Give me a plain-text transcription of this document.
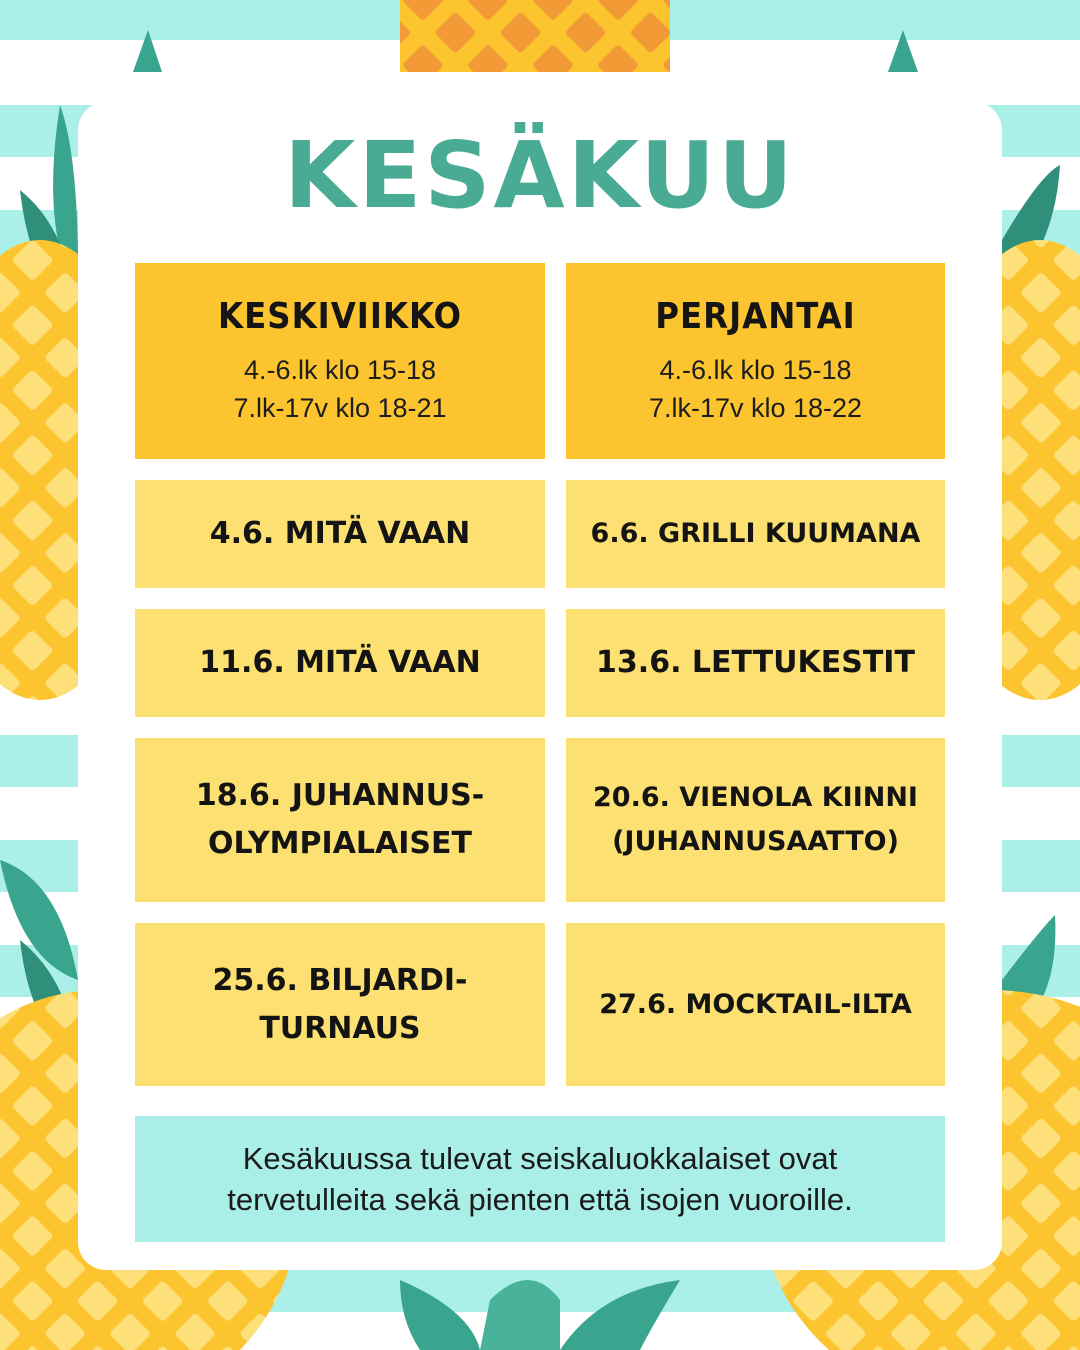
KESÄKUU
KESKIVIIKKO
4.-6.lk klo 15-18
7.lk-17v klo 18-21
PERJANTAI
4.-6.lk klo 15-18
7.lk-17v klo 18-22
4.6. MITÄ VAAN
11.6. MITÄ VAAN
18.6. JUHANNUS-
OLYMPIALAISET
25.6. BILJARDI-
TURNAUS
6.6. GRILLI KUUMANA
13.6. LETTUKESTIT
20.6. VIENOLA KIINNI
(JUHANNUSAATTO)
27.6. MOCKTAIL-ILTA
Kesäkuussa tulevat seiskaluokkalaiset ovat
tervetulleita sekä pienten että isojen vuoroille.
